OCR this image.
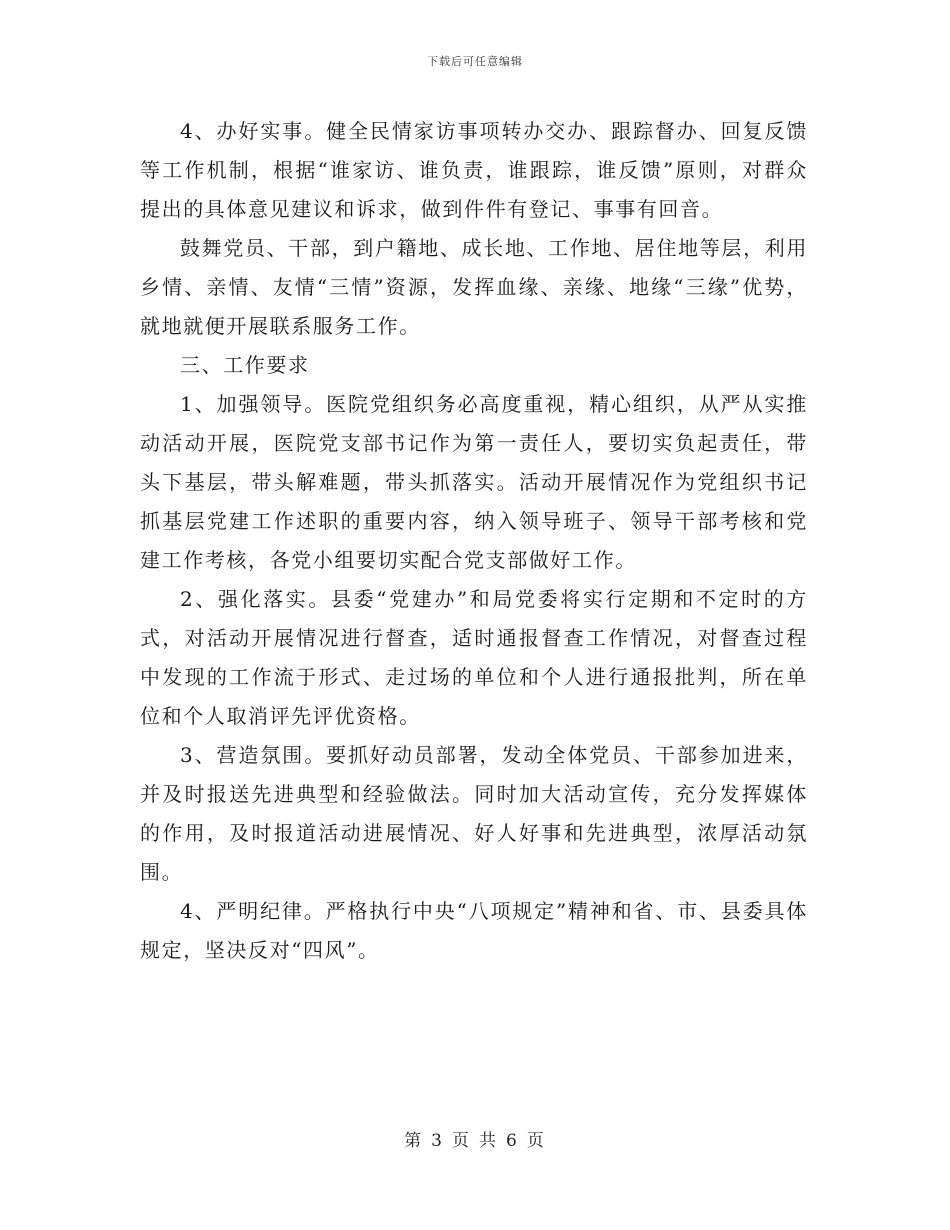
下载后可任意编辑

4、办好实事。健全民情家访事项转办交办、跟踪督办、回复反馈等工作机制，根据“谁家访、谁负责，谁跟踪，谁反馈”原则，对群众提出的具体意见建议和诉求，做到件件有登记、事事有回音。

鼓舞党员、干部，到户籍地、成长地、工作地、居住地等层，利用乡情、亲情、友情“三情”资源，发挥血缘、亲缘、地缘“三缘”优势，就地就便开展联系服务工作。

三、工作要求

1、加强领导。医院党组织务必高度重视，精心组织，从严从实推动活动开展，医院党支部书记作为第一责任人，要切实负起责任，带头下基层，带头解难题，带头抓落实。活动开展情况作为党组织书记抓基层党建工作述职的重要内容，纳入领导班子、领导干部考核和党建工作考核，各党小组要切实配合党支部做好工作。

2、强化落实。县委“党建办”和局党委将实行定期和不定时的方式，对活动开展情况进行督查，适时通报督查工作情况，对督查过程中发现的工作流于形式、走过场的单位和个人进行通报批判，所在单位和个人取消评先评优资格。

3、营造氛围。要抓好动员部署，发动全体党员、干部参加进来，并及时报送先进典型和经验做法。同时加大活动宣传，充分发挥媒体的作用，及时报道活动进展情况、好人好事和先进典型，浓厚活动氛围。

4、严明纪律。严格执行中央“八项规定”精神和省、市、县委具体规定，坚决反对“四风”。

第 3 页 共 6 页
